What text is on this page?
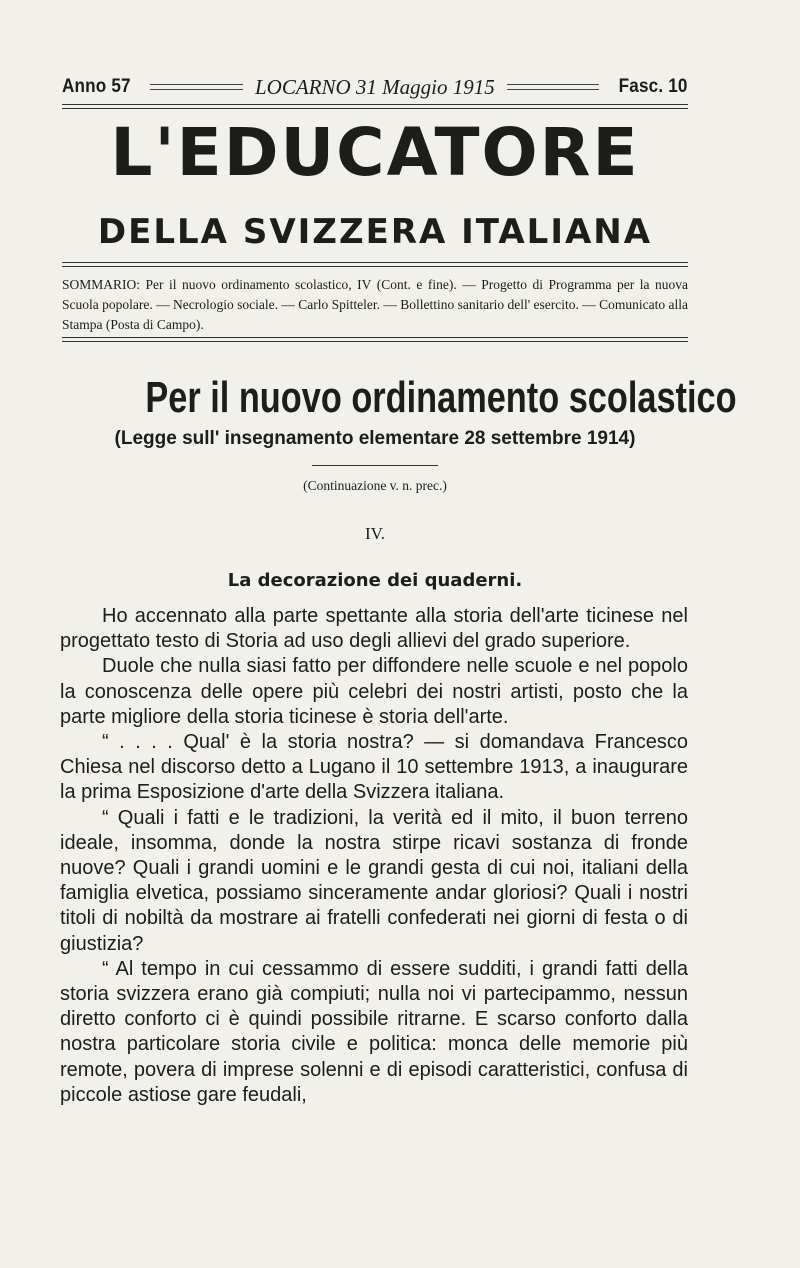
Anno 57	LOCARNO 31 Maggio 1915	Fasc. 10
L'EDUCATORE
DELLA SVIZZERA ITALIANA
SOMMARIO: Per il nuovo ordinamento scolastico, IV (Cont. e fine). — Progetto di Programma per la nuova Scuola popolare. — Necrologio sociale. — Carlo Spitteler. — Bollettino sanitario dell' esercito. — Comunicato alla Stampa (Posta di Campo).
Per il nuovo ordinamento scolastico
(Legge sull' insegnamento elementare 28 settembre 1914)
(Continuazione v. n. prec.)
IV.
La decorazione dei quaderni.

Ho accennato alla parte spettante alla storia dell'arte ticinese nel progettato testo di Storia ad uso degli allievi del grado superiore.

Duole che nulla siasi fatto per diffondere nelle scuole e nel popolo la conoscenza delle opere più celebri dei nostri artisti, posto che la parte migliore della storia ticinese è storia dell'arte.

“ . . . . Qual' è la storia nostra? — si domandava Francesco Chiesa nel discorso detto a Lugano il 10 settembre 1913, a inaugurare la prima Esposizione d'arte della Svizzera italiana.

“ Quali i fatti e le tradizioni, la verità ed il mito, il buon terreno ideale, insomma, donde la nostra stirpe ricavi sostanza di fronde nuove? Quali i grandi uomini e le grandi gesta di cui noi, italiani della famiglia elvetica, possiamo sinceramente andar gloriosi? Quali i nostri titoli di nobiltà da mostrare ai fratelli confederati nei giorni di festa o di giustizia?

“ Al tempo in cui cessammo di essere sudditi, i grandi fatti della storia svizzera erano già compiuti; nulla noi vi partecipammo, nessun diretto conforto ci è quindi possibile ritrarne. E scarso conforto dalla nostra particolare storia civile e politica: monca delle memorie più remote, povera di imprese solenni e di episodi caratteristici, confusa di piccole astiose gare feudali,
